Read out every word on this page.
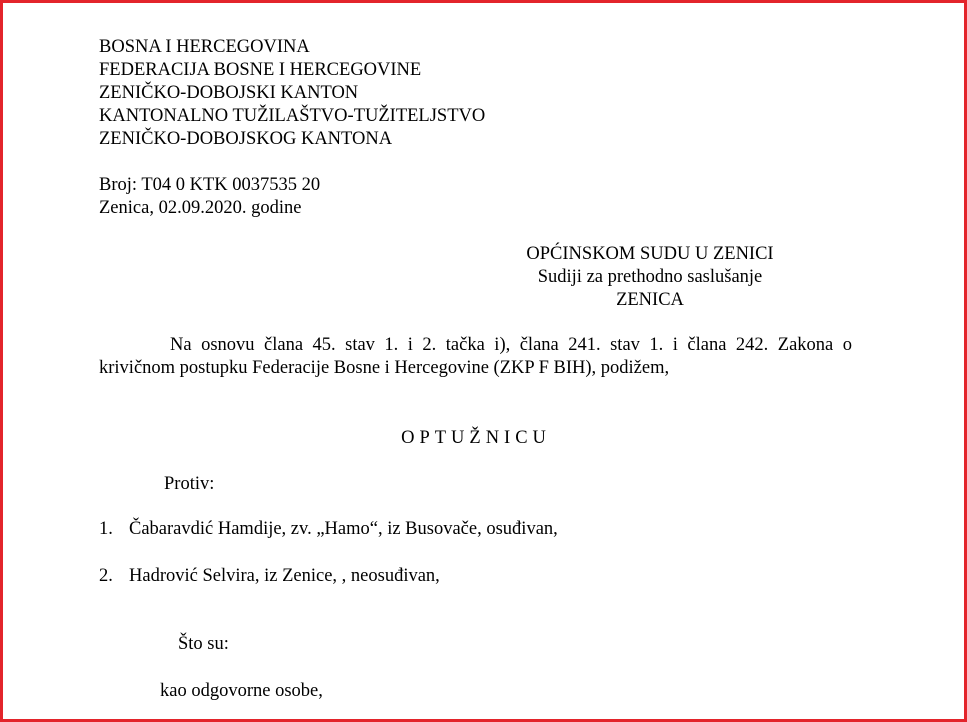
BOSNA I HERCEGOVINA
FEDERACIJA BOSNE I HERCEGOVINE
ZENIČKO-DOBOJSKI KANTON
KANTONALNO TUŽILAŠTVO-TUŽITELJSTVO
ZENIČKO-DOBOJSKOG KANTONA
Broj: T04 0 KTK 0037535 20
Zenica, 02.09.2020. godine
OPĆINSKOM SUDU U ZENICI
Sudiji za prethodno saslušanje
ZENICA
Na osnovu člana 45. stav 1. i 2. tačka i), člana 241. stav 1. i člana 242. Zakona o
krivičnom postupku Federacije Bosne i Hercegovine (ZKP F BIH), podižem,
OPTUŽNICU
Protiv:
1. Čabaravdić Hamdije, zv. „Hamo“, iz Busovače, osuđivan,
2. Hadrović Selvira, iz Zenice, , neosuđivan,
Što su:
kao odgovorne osobe,
